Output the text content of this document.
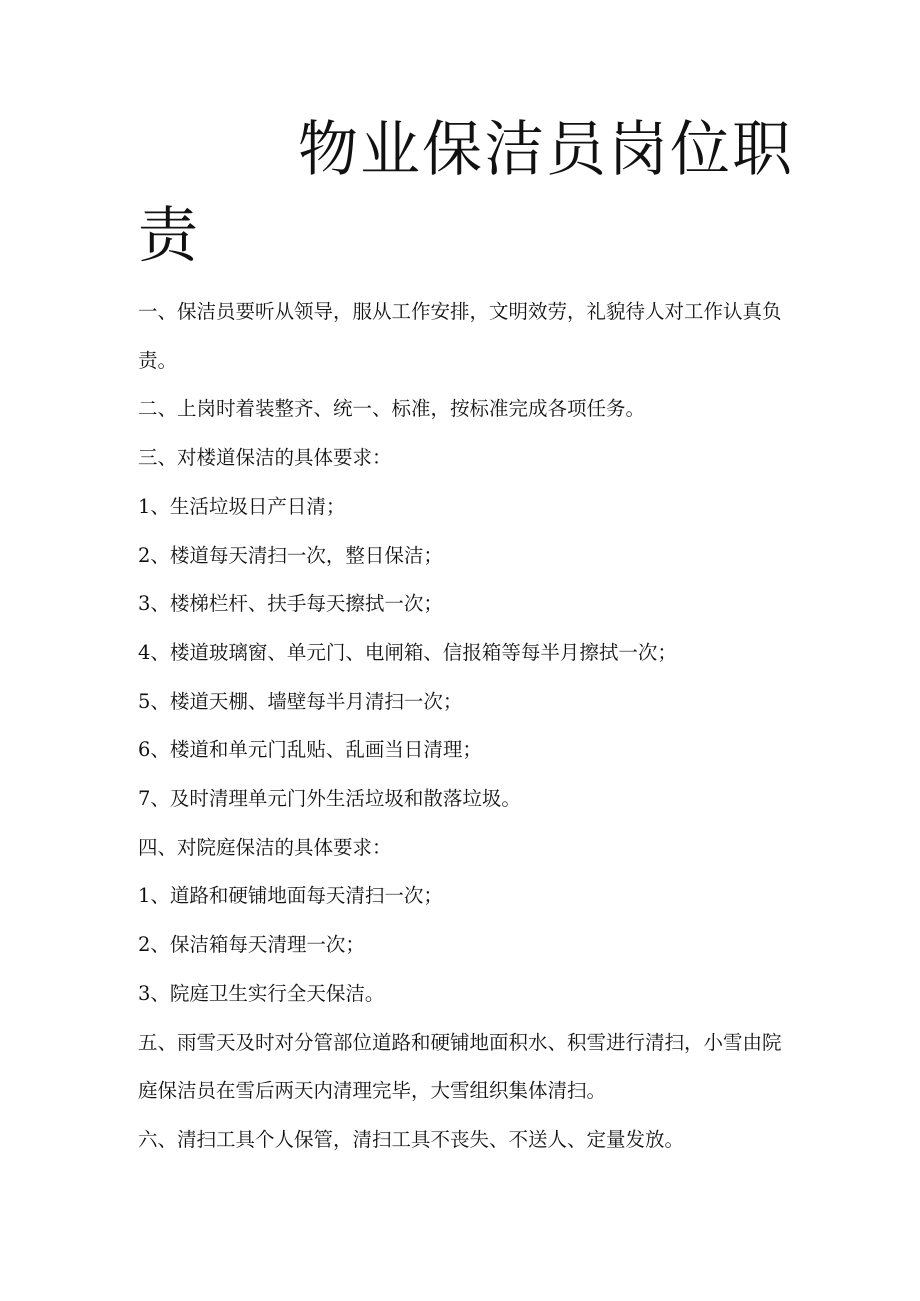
物业保洁员岗位职
责

一、保洁员要听从领导，服从工作安排，文明效劳，礼貌待人对工作认真负责。

二、上岗时着装整齐、统一、标准，按标准完成各项任务。

三、对楼道保洁的具体要求：

1、生活垃圾日产日清；

2、楼道每天清扫一次，整日保洁；

3、楼梯栏杆、扶手每天擦拭一次；

4、楼道玻璃窗、单元门、电闸箱、信报箱等每半月擦拭一次；

5、楼道天棚、墙壁每半月清扫一次；

6、楼道和单元门乱贴、乱画当日清理；

7、及时清理单元门外生活垃圾和散落垃圾。

四、对院庭保洁的具体要求：

1、道路和硬铺地面每天清扫一次；

2、保洁箱每天清理一次；

3、院庭卫生实行全天保洁。

五、雨雪天及时对分管部位道路和硬铺地面积水、积雪进行清扫，小雪由院庭保洁员在雪后两天内清理完毕，大雪组织集体清扫。

六、清扫工具个人保管，清扫工具不丧失、不送人、定量发放。
